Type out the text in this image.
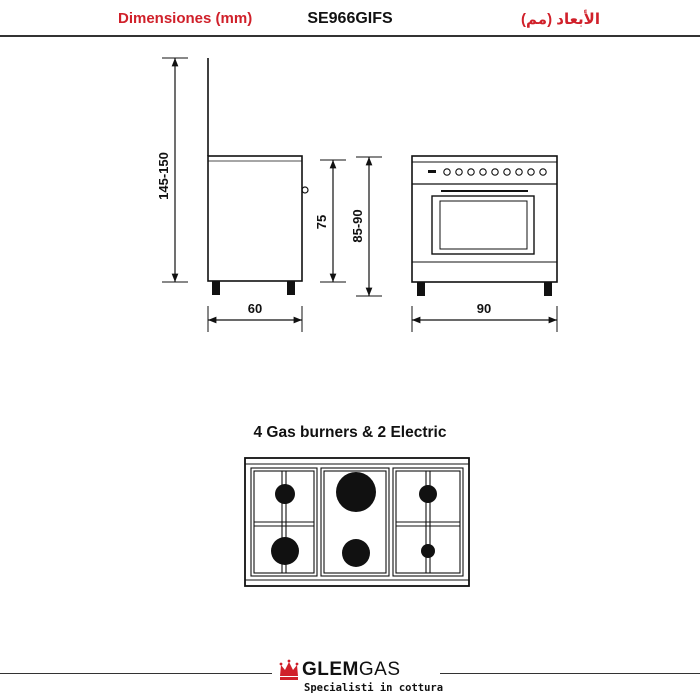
Dimensiones (mm)	SE966GIFS	الأبعاد (مم)
145-150
75 85-90
60	90
4 Gas burners & 2 Electric
GLEMGAS
Specialisti in cottura
